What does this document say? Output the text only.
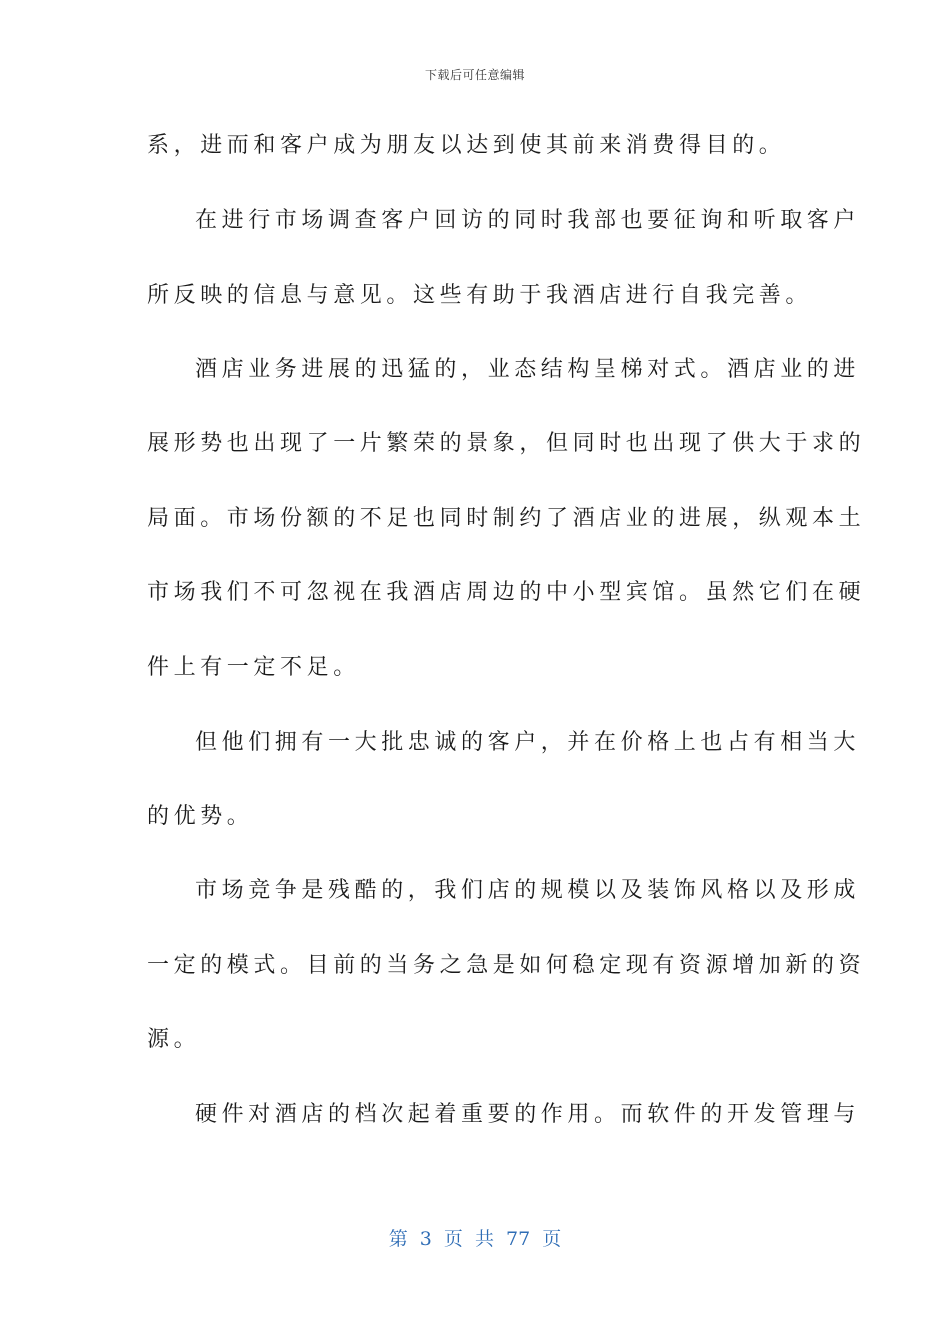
下载后可任意编辑
系，进而和客户成为朋友以达到使其前来消费得目的。
在进行市场调查客户回访的同时我部也要征询和听取客户
所反映的信息与意见。这些有助于我酒店进行自我完善。
酒店业务进展的迅猛的，业态结构呈梯对式。酒店业的进
展形势也出现了一片繁荣的景象，但同时也出现了供大于求的
局面。市场份额的不足也同时制约了酒店业的进展，纵观本土
市场我们不可忽视在我酒店周边的中小型宾馆。虽然它们在硬
件上有一定不足。
但他们拥有一大批忠诚的客户，并在价格上也占有相当大
的优势。
市场竞争是残酷的，我们店的规模以及装饰风格以及形成
一定的模式。目前的当务之急是如何稳定现有资源增加新的资
源。
硬件对酒店的档次起着重要的作用。而软件的开发管理与
第 3 页 共 77 页
